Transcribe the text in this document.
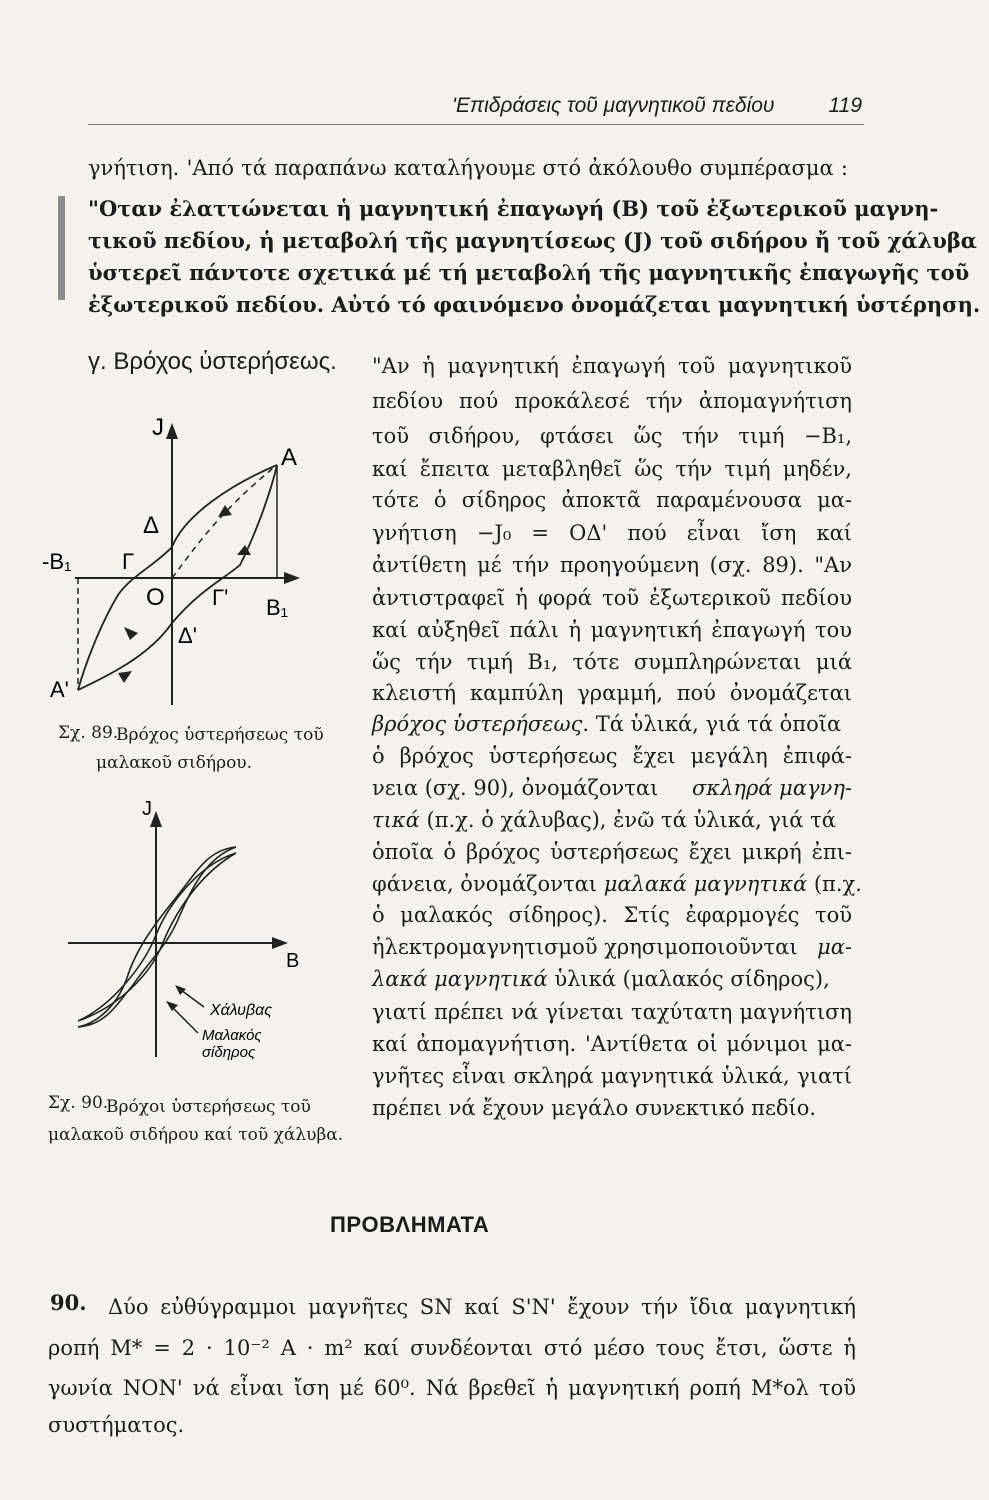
'Επιδράσεις τοῦ μαγνητικοῦ πεδίου	119
γνήτιση. 'Από τά παραπάνω καταλήγουμε στό ἀκόλουθο συμπέρασμα :
"Οταν ἐλαττώνεται ἡ μαγνητική ἐπαγωγή (Β) τοῦ ἐξωτερικοῦ μαγνη-
τικοῦ πεδίου, ἡ μεταβολή τῆς μαγνητίσεως (J) τοῦ σιδήρου ἤ τοῦ χάλυβα
ὑστερεῖ πάντοτε σχετικά μέ τή μεταβολή τῆς μαγνητικῆς ἐπαγωγῆς τοῦ
ἐξωτερικοῦ πεδίου. Αὐτό τό φαινόμενο ὀνομάζεται μαγνητική ὑστέρηση.
γ. Βρόχος ὑστερήσεως. "Αν ἡ μαγνητική ἐπαγωγή τοῦ μαγνητικοῦ
πεδίου πού προκάλεσέ τήν ἀπομαγνήτιση
τοῦ σιδήρου, φτάσει ὥς τήν τιμή −Β₁,
καί ἔπειτα μεταβληθεῖ ὥς τήν τιμή μηδέν,
τότε ὁ σίδηρος ἀποκτᾶ παραμένουσα μα-
γνήτιση −J₀ = ΟΔ' πού εἶναι ἴση καί
ἀντίθετη μέ τήν προηγούμενη (σχ. 89). "Αν
ἀντιστραφεῖ ἡ φορά τοῦ ἐξωτερικοῦ πεδίου
καί αὐξηθεῖ πάλι ἡ μαγνητική ἐπαγωγή του
ὥς τήν τιμή Β₁, τότε συμπληρώνεται μιά
κλειστή καμπύλη γραμμή, πού ὀνομάζεται
βρόχος ὑστερήσεως. Τά ὑλικά, γιά τά ὁποῖα
ὁ βρόχος ὑστερήσεως ἔχει μεγάλη ἐπιφά-
νεια (σχ. 90), ὀνομάζονται σκληρά μαγνη-
τικά (π.χ. ὁ χάλυβας), ἐνῶ τά ὑλικά, γιά τά
ὁποῖα ὁ βρόχος ὑστερήσεως ἔχει μικρή ἐπι-
φάνεια, ὀνομάζονται μαλακά μαγνητικά (π.χ.
ὁ μαλακός σίδηρος). Στίς ἐφαρμογές τοῦ
ἠλεκτρομαγνητισμοῦ χρησιμοποιοῦνται μα-
λακά μαγνητικά ὑλικά (μαλακός σίδηρος),
γιατί πρέπει νά γίνεται ταχύτατη μαγνήτιση
καί ἀπομαγνήτιση. 'Αντίθετα οἱ μόνιμοι μα-
γνῆτες εἶναι σκληρά μαγνητικά ὑλικά, γιατί
πρέπει νά ἔχουν μεγάλο συνεκτικό πεδίο.
J
A
Δ
-Β₁ Γ
Ο Γ' Β₁
Δ'
Α'
Σχ. 89.
Βρόχος ὑστερήσεως τοῦ
μαλακοῦ σιδήρου.
J
Β
Χάλυβας
Μαλακός
σίδηρος
Σχ. 90.
Βρόχοι ὑστερήσεως τοῦ
μαλακοῦ σιδήρου καί τοῦ χάλυβα.
ΠΡΟΒΛΗΜΑΤΑ
90. Δύο εὐθύγραμμοι μαγνῆτες SN καί S'N' ἔχουν τήν ἴδια μαγνητική
ροπή M* = 2 · 10⁻² A · m² καί συνδέονται στό μέσο τους ἔτσι, ὥστε ἡ
γωνία ΝΟΝ' νά εἶναι ἴση μέ 60⁰. Νά βρεθεῖ ἡ μαγνητική ροπή M*ολ τοῦ
συστήματος.
